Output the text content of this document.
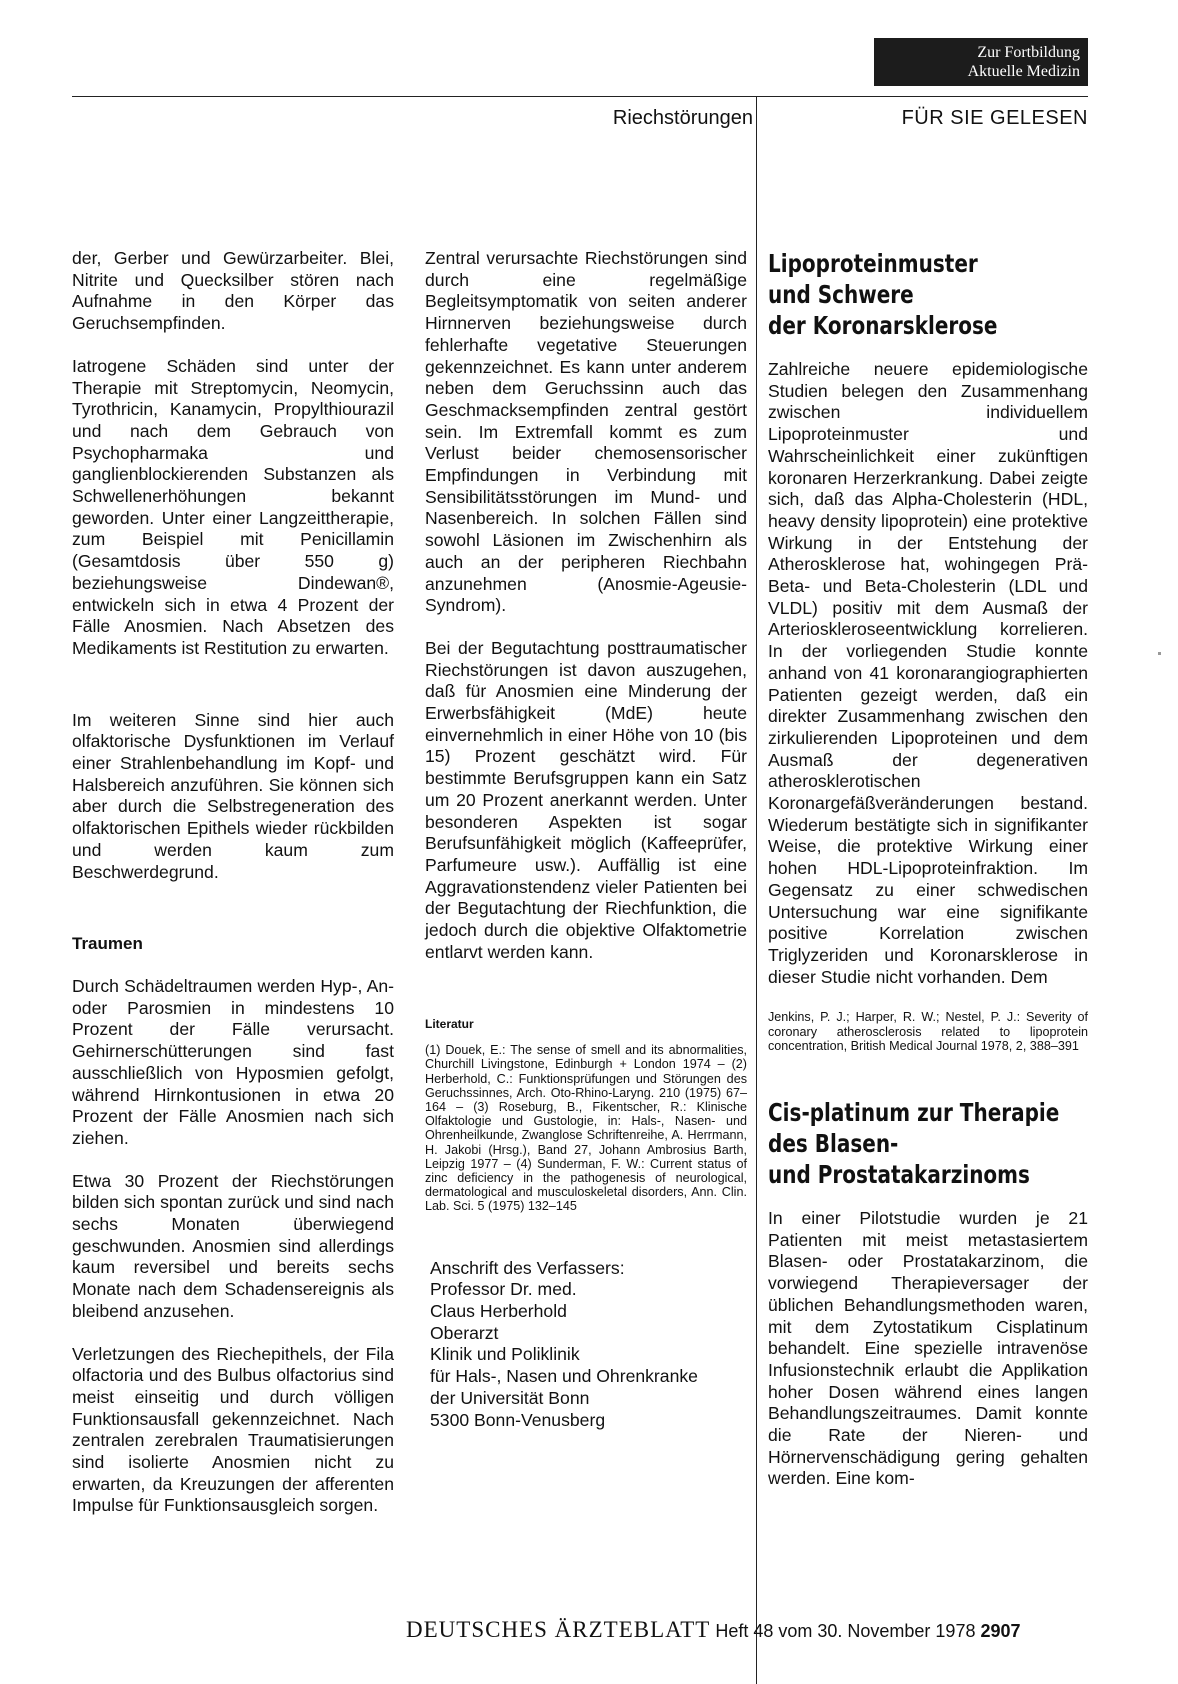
Zur Fortbildung
Aktuelle Medizin
Riechstörungen	FÜR SIE GELESEN

der, Gerber und Gewürzarbeiter. Blei, Nitrite und Quecksilber stören nach Aufnahme in den Körper das Geruchsempfinden.

Iatrogene Schäden sind unter der Therapie mit Streptomycin, Neomycin, Tyrothricin, Kanamycin, Propylthiourazil und nach dem Gebrauch von Psychopharmaka und ganglienblockierenden Substanzen als Schwellenerhöhungen bekannt geworden. Unter einer Langzeittherapie, zum Beispiel mit Penicillamin (Gesamtdosis über 550 g) beziehungsweise Dindewan®, entwickeln sich in etwa 4 Prozent der Fälle Anosmien. Nach Absetzen des Medikaments ist Restitution zu erwarten.

Im weiteren Sinne sind hier auch olfaktorische Dysfunktionen im Verlauf einer Strahlenbehandlung im Kopf- und Halsbereich anzuführen. Sie können sich aber durch die Selbstregeneration des olfaktorischen Epithels wieder rückbilden und werden kaum zum Beschwerdegrund.

Traumen

Durch Schädeltraumen werden Hyp-, An- oder Parosmien in mindestens 10 Prozent der Fälle verursacht. Gehirnerschütterungen sind fast ausschließlich von Hyposmien gefolgt, während Hirnkontusionen in etwa 20 Prozent der Fälle Anosmien nach sich ziehen.

Etwa 30 Prozent der Riechstörungen bilden sich spontan zurück und sind nach sechs Monaten überwiegend geschwunden. Anosmien sind allerdings kaum reversibel und bereits sechs Monate nach dem Schadensereignis als bleibend anzusehen.

Verletzungen des Riechepithels, der Fila olfactoria und des Bulbus olfactorius sind meist einseitig und durch völligen Funktionsausfall gekennzeichnet. Nach zentralen zerebralen Traumatisierungen sind isolierte Anosmien nicht zu erwarten, da Kreuzungen der afferenten Impulse für Funktionsausgleich sorgen.

Zentral verursachte Riechstörungen sind durch eine regelmäßige Begleitsymptomatik von seiten anderer Hirnnerven beziehungsweise durch fehlerhafte vegetative Steuerungen gekennzeichnet. Es kann unter anderem neben dem Geruchssinn auch das Geschmacksempfinden zentral gestört sein. Im Extremfall kommt es zum Verlust beider chemosensorischer Empfindungen in Verbindung mit Sensibilitätsstörungen im Mund- und Nasenbereich. In solchen Fällen sind sowohl Läsionen im Zwischenhirn als auch an der peripheren Riechbahn anzunehmen (Anosmie-Ageusie-Syndrom).

Bei der Begutachtung posttraumatischer Riechstörungen ist davon auszugehen, daß für Anosmien eine Minderung der Erwerbsfähigkeit (MdE) heute einvernehmlich in einer Höhe von 10 (bis 15) Prozent geschätzt wird. Für bestimmte Berufsgruppen kann ein Satz um 20 Prozent anerkannt werden. Unter besonderen Aspekten ist sogar Berufsunfähigkeit möglich (Kaffeeprüfer, Parfumeure usw.). Auffällig ist eine Aggravationstendenz vieler Patienten bei der Begutachtung der Riechfunktion, die jedoch durch die objektive Olfaktometrie entlarvt werden kann.

Literatur

(1) Douek, E.: The sense of smell and its abnormalities, Churchill Livingstone, Edinburgh + London 1974 – (2) Herberhold, C.: Funktionsprüfungen und Störungen des Geruchssinnes, Arch. Oto-Rhino-Laryng. 210 (1975) 67–164 – (3) Roseburg, B., Fikentscher, R.: Klinische Olfaktologie und Gustologie, in: Hals-, Nasen- und Ohrenheilkunde, Zwanglose Schriftenreihe, A. Herrmann, H. Jakobi (Hrsg.), Band 27, Johann Ambrosius Barth, Leipzig 1977 – (4) Sunderman, F. W.: Current status of zinc deficiency in the pathogenesis of neurological, dermatological and musculoskeletal disorders, Ann. Clin. Lab. Sci. 5 (1975) 132–145

Anschrift des Verfassers:
Professor Dr. med.
Claus Herberhold
Oberarzt
Klinik und Poliklinik
für Hals-, Nasen und Ohrenkranke
der Universität Bonn
5300 Bonn-Venusberg
Lipoproteinmuster
und Schwere
der Koronarsklerose

Zahlreiche neuere epidemiologische Studien belegen den Zusammenhang zwischen individuellem Lipoproteinmuster und Wahrscheinlichkeit einer zukünftigen koronaren Herzerkrankung. Dabei zeigte sich, daß das Alpha-Cholesterin (HDL, heavy density lipoprotein) eine protektive Wirkung in der Entstehung der Atherosklerose hat, wohingegen Prä-Beta- und Beta-Cholesterin (LDL und VLDL) positiv mit dem Ausmaß der Arterioskleroseentwicklung korrelieren. In der vorliegenden Studie konnte anhand von 41 koronarangiographierten Patienten gezeigt werden, daß ein direkter Zusammenhang zwischen den zirkulierenden Lipoproteinen und dem Ausmaß der degenerativen atherosklerotischen Koronargefäßveränderungen bestand. Wiederum bestätigte sich in signifikanter Weise, die protektive Wirkung einer hohen HDL-Lipoproteinfraktion. Im Gegensatz zu einer schwedischen Untersuchung war eine signifikante positive Korrelation zwischen Triglyzeriden und Koronarsklerose in dieser Studie nicht vorhanden. Dem

Jenkins, P. J.; Harper, R. W.; Nestel, P. J.: Severity of coronary atherosclerosis related to lipoprotein concentration, British Medical Journal 1978, 2, 388–391

Cis-platinum zur Therapie
des Blasen-
und Prostatakarzinoms

In einer Pilotstudie wurden je 21 Patienten mit meist metastasiertem Blasen- oder Prostatakarzinom, die vorwiegend Therapieversager der üblichen Behandlungsmethoden waren, mit dem Zytostatikum Cisplatinum behandelt. Eine spezielle intravenöse Infusionstechnik erlaubt die Applikation hoher Dosen während eines langen Behandlungszeitraumes. Damit konnte die Rate der Nieren- und Hörnervenschädigung gering gehalten werden. Eine kom-

DEUTSCHES ÄRZTEBLATT Heft 48 vom 30. November 1978 2907
